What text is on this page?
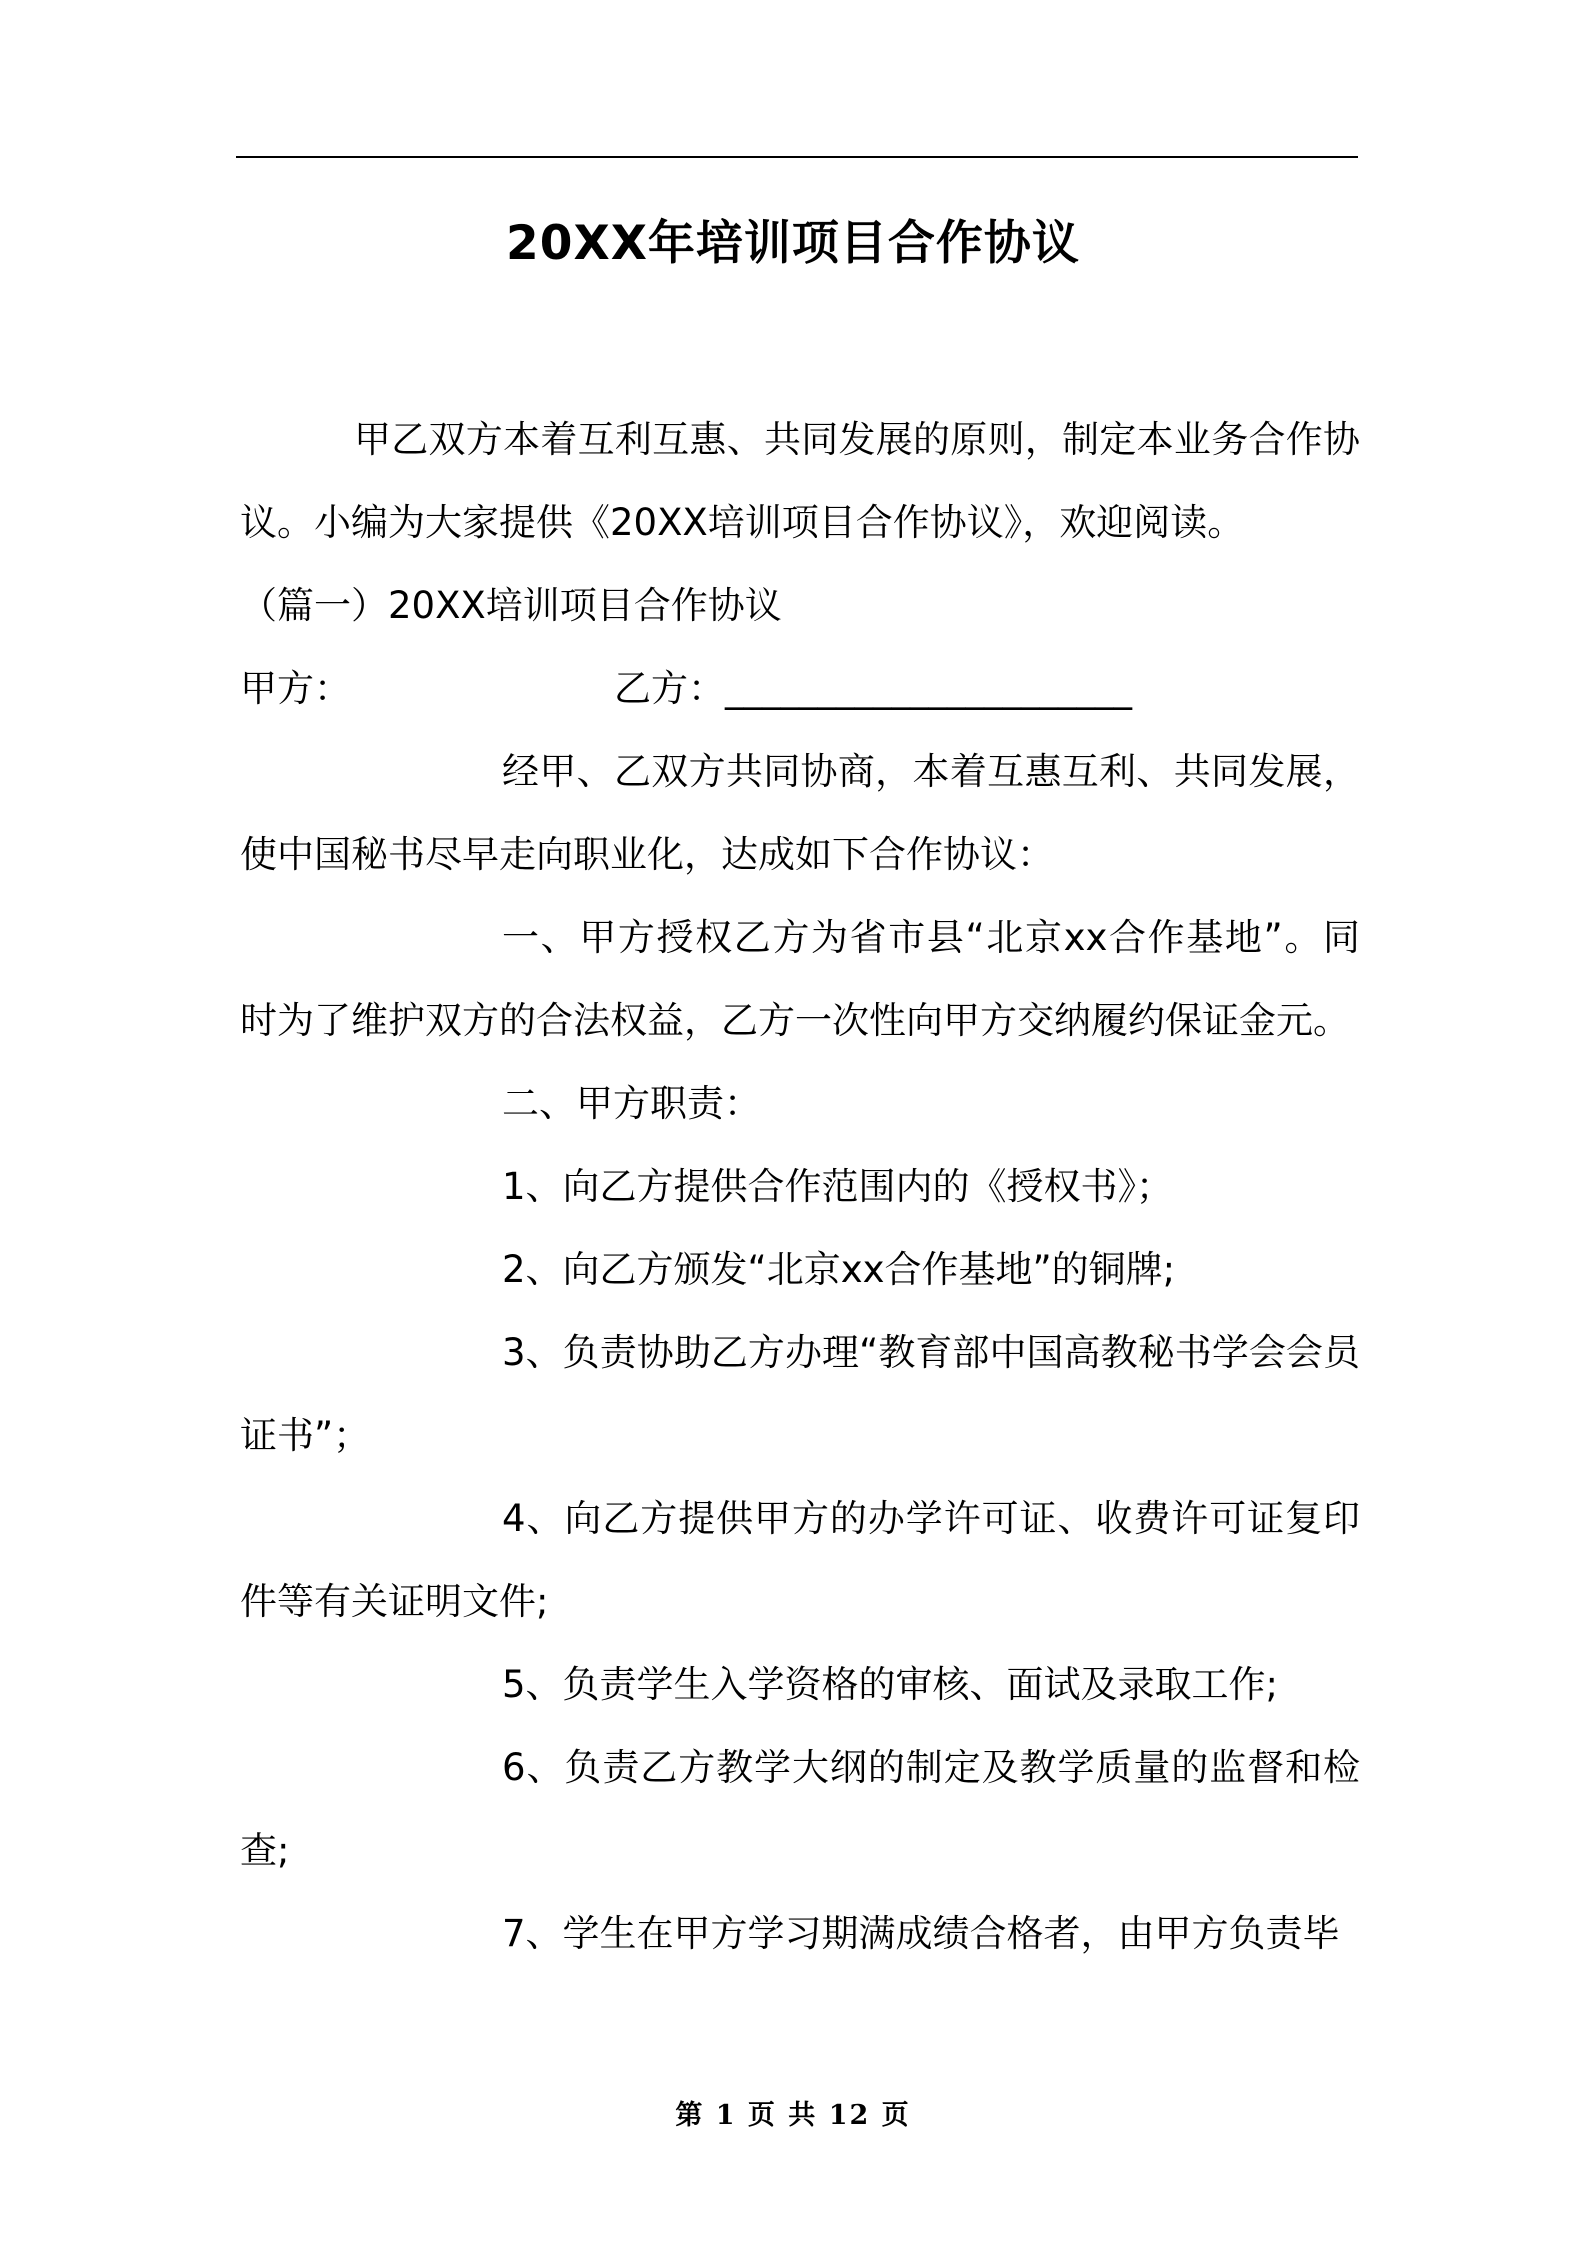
20XX年培训项目合作协议

甲乙双方本着互利互惠、共同发展的原则，制定本业务合作协议。小编为大家提供《20XX培训项目合作协议》，欢迎阅读。

（篇一）20XX培训项目合作协议

甲方：	乙方：______________________

经甲、乙双方共同协商，本着互惠互利、共同发展，使中国秘书尽早走向职业化，达成如下合作协议：

一、甲方授权乙方为省市县“北京xx合作基地”。同时为了维护双方的合法权益，乙方一次性向甲方交纳履约保证金元。

二、甲方职责：

1、向乙方提供合作范围内的《授权书》；

2、向乙方颁发“北京xx合作基地”的铜牌;

3、负责协助乙方办理“教育部中国高教秘书学会会员证书”；

4、向乙方提供甲方的办学许可证、收费许可证复印件等有关证明文件;

5、负责学生入学资格的审核、面试及录取工作;

6、负责乙方教学大纲的制定及教学质量的监督和检查;

7、学生在甲方学习期满成绩合格者，由甲方负责毕

第 1 页 共 12 页
